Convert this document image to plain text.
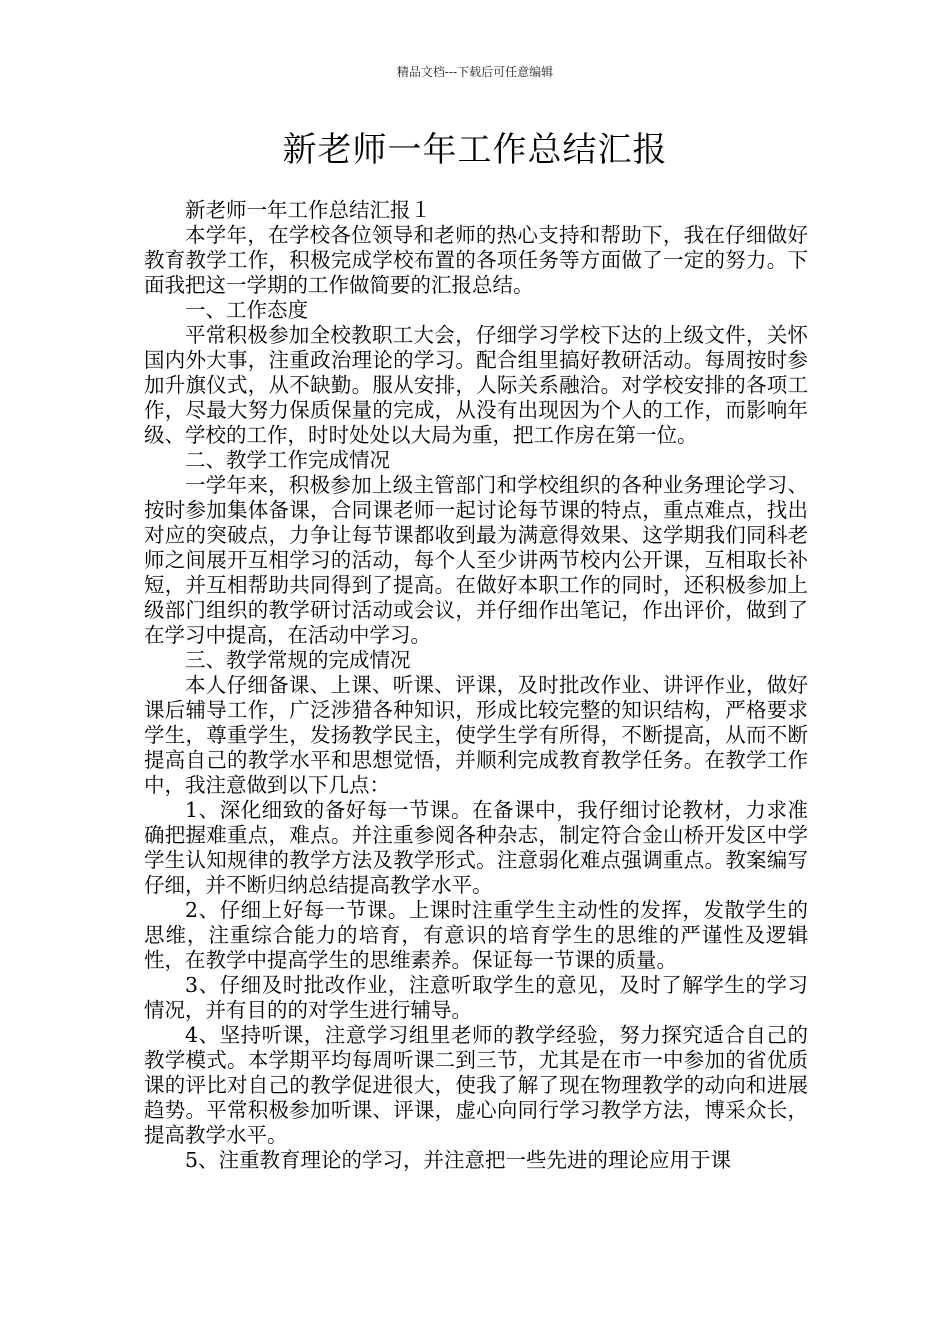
精品文档---下载后可任意编辑
新老师一年工作总结汇报

新老师一年工作总结汇报１

本学年，在学校各位领导和老师的热心支持和帮助下，我在仔细做好教育教学工作，积极完成学校布置的各项任务等方面做了一定的努力。下面我把这一学期的工作做简要的汇报总结。

一、工作态度

平常积极参加全校教职工大会，仔细学习学校下达的上级文件，关怀国内外大事，注重政治理论的学习。配合组里搞好教研活动。每周按时参加升旗仪式，从不缺勤。服从安排，人际关系融洽。对学校安排的各项工作，尽最大努力保质保量的完成，从没有出现因为个人的工作，而影响年级、学校的工作，时时处处以大局为重，把工作房在第一位。

二、教学工作完成情况

一学年来，积极参加上级主管部门和学校组织的各种业务理论学习、按时参加集体备课，合同课老师一起讨论每节课的特点，重点难点，找出对应的突破点，力争让每节课都收到最为满意得效果、这学期我们同科老师之间展开互相学习的活动，每个人至少讲两节校内公开课，互相取长补短，并互相帮助共同得到了提高。在做好本职工作的同时，还积极参加上级部门组织的教学研讨活动或会议，并仔细作出笔记，作出评价，做到了在学习中提高，在活动中学习。

三、教学常规的完成情况

本人仔细备课、上课、听课、评课，及时批改作业、讲评作业，做好课后辅导工作，广泛涉猎各种知识，形成比较完整的知识结构，严格要求学生，尊重学生，发扬教学民主，使学生学有所得，不断提高，从而不断提高自己的教学水平和思想觉悟，并顺利完成教育教学任务。在教学工作中，我注意做到以下几点：

1、深化细致的备好每一节课。在备课中，我仔细讨论教材，力求准确把握难重点，难点。并注重参阅各种杂志，制定符合金山桥开发区中学学生认知规律的教学方法及教学形式。注意弱化难点强调重点。教案编写仔细，并不断归纳总结提高教学水平。

2、仔细上好每一节课。上课时注重学生主动性的发挥，发散学生的思维，注重综合能力的培育，有意识的培育学生的思维的严谨性及逻辑性，在教学中提高学生的思维素养。保证每一节课的质量。

3、仔细及时批改作业，注意听取学生的意见，及时了解学生的学习情况，并有目的的对学生进行辅导。

4、坚持听课，注意学习组里老师的教学经验，努力探究适合自己的教学模式。本学期平均每周听课二到三节，尤其是在市一中参加的省优质课的评比对自己的教学促进很大，使我了解了现在物理教学的动向和进展趋势。平常积极参加听课、评课，虚心向同行学习教学方法，博采众长，提高教学水平。

5、注重教育理论的学习，并注意把一些先进的理论应用于课
